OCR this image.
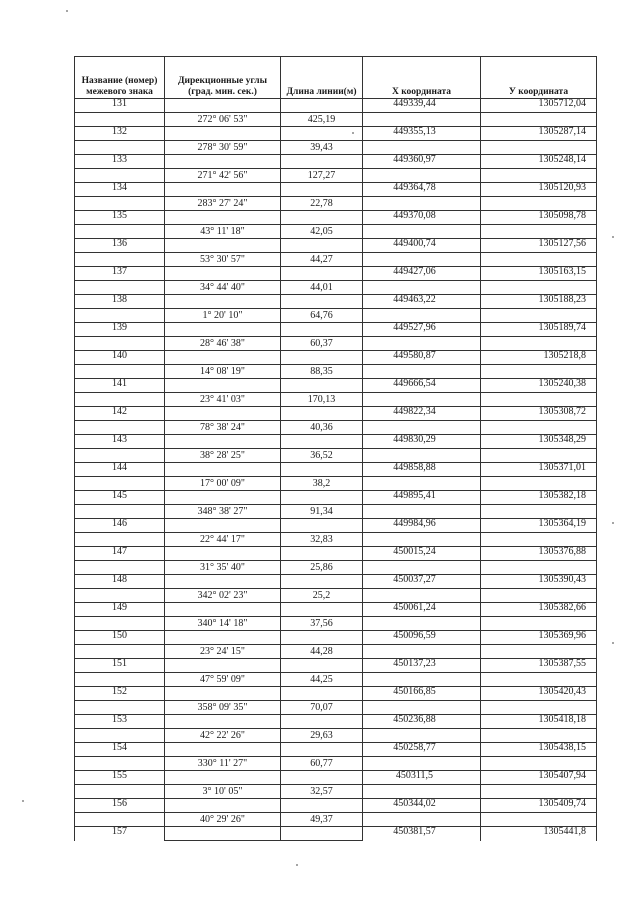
Название (номер) межевого знака	Дирекционные углы (град. мин. сек.)	Длина линии(м)	Х координата	У координата
131			449339,44	1305712,04
	272° 06' 53"	425,19		
132			449355,13	1305287,14
	278° 30' 59"	39,43		
133			449360,97	1305248,14
	271° 42' 56"	127,27		
134			449364,78	1305120,93
	283° 27' 24"	22,78		
135			449370,08	1305098,78
	43° 11' 18"	42,05		
136			449400,74	1305127,56
	53° 30' 57"	44,27		
137			449427,06	1305163,15
	34° 44' 40"	44,01		
138			449463,22	1305188,23
	1° 20' 10"	64,76		
139			449527,96	1305189,74
	28° 46' 38"	60,37		
140			449580,87	1305218,8
	14° 08' 19"	88,35		
141			449666,54	1305240,38
	23° 41' 03"	170,13		
142			449822,34	1305308,72
	78° 38' 24"	40,36		
143			449830,29	1305348,29
	38° 28' 25"	36,52		
144			449858,88	1305371,01
	17° 00' 09"	38,2		
145			449895,41	1305382,18
	348° 38' 27"	91,34		
146			449984,96	1305364,19
	22° 44' 17"	32,83		
147			450015,24	1305376,88
	31° 35' 40"	25,86		
148			450037,27	1305390,43
	342° 02' 23"	25,2		
149			450061,24	1305382,66
	340° 14' 18"	37,56		
150			450096,59	1305369,96
	23° 24' 15"	44,28		
151			450137,23	1305387,55
	47° 59' 09"	44,25		
152			450166,85	1305420,43
	358° 09' 35"	70,07		
153			450236,88	1305418,18
	42° 22' 26"	29,63		
154			450258,77	1305438,15
	330° 11' 27"	60,77		
155			450311,5	1305407,94
	3° 10' 05"	32,57		
156			450344,02	1305409,74
	40° 29' 26"	49,37		
157			450381,57	1305441,8
